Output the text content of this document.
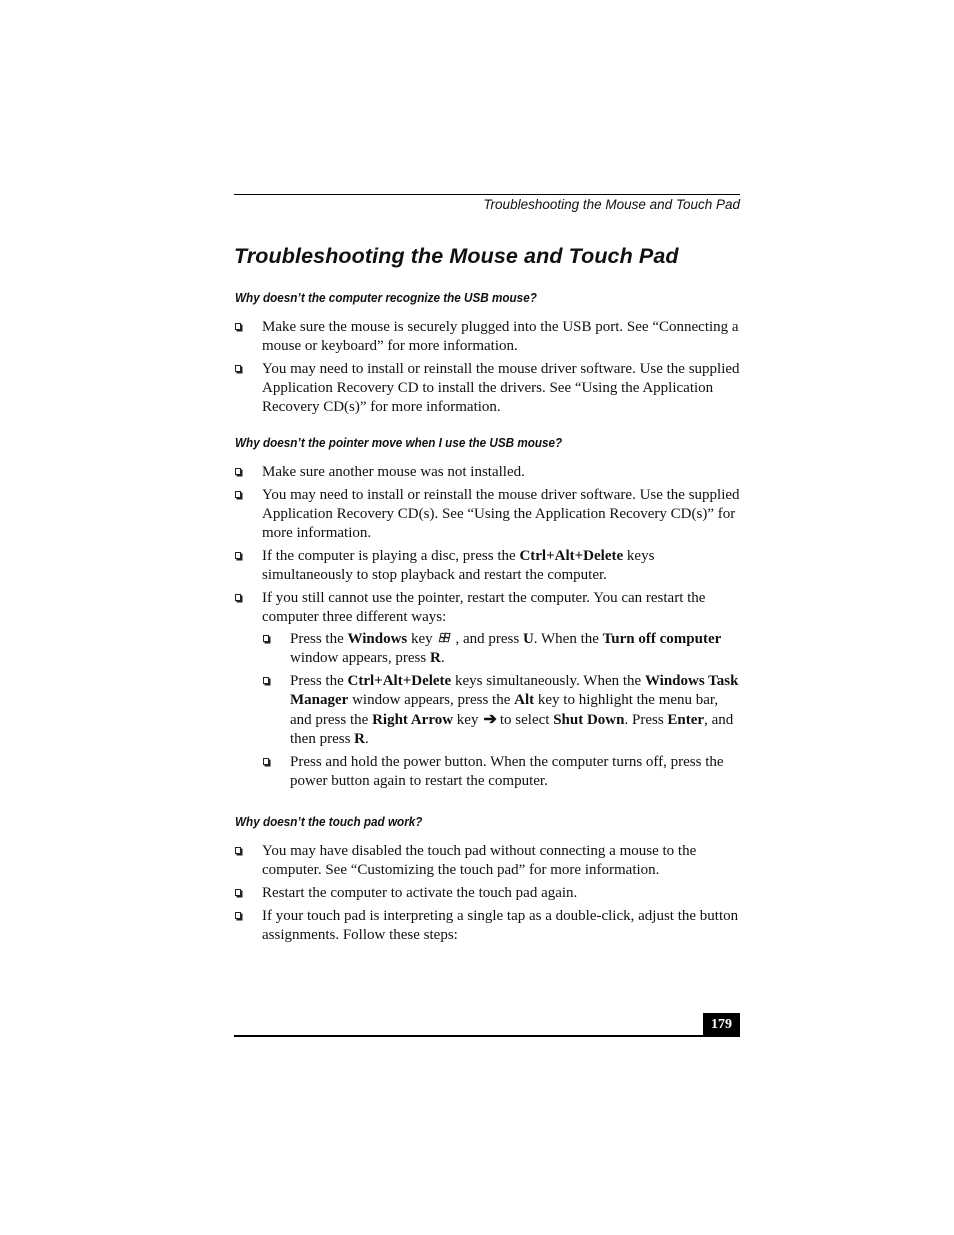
Troubleshooting the Mouse and Touch Pad
Troubleshooting the Mouse and Touch Pad
Why doesn’t the computer recognize the USB mouse?
Make sure the mouse is securely plugged into the USB port. See “Connecting a mouse or keyboard” for more information.
You may need to install or reinstall the mouse driver software. Use the supplied Application Recovery CD to install the drivers. See “Using the Application Recovery CD(s)” for more information.
Why doesn’t the pointer move when I use the USB mouse?
Make sure another mouse was not installed.
You may need to install or reinstall the mouse driver software. Use the supplied Application Recovery CD(s). See “Using the Application Recovery CD(s)” for more information.
If the computer is playing a disc, press the Ctrl+Alt+Delete keys simultaneously to stop playback and restart the computer.
If you still cannot use the pointer, restart the computer. You can restart the computer three different ways:
Press the Windows key , and press U. When the Turn off computer window appears, press R.
Press the Ctrl+Alt+Delete keys simultaneously. When the Windows Task Manager window appears, press the Alt key to highlight the menu bar, and press the Right Arrow key ➔ to select Shut Down. Press Enter, and then press R.
Press and hold the power button. When the computer turns off, press the power button again to restart the computer.
Why doesn’t the touch pad work?
You may have disabled the touch pad without connecting a mouse to the computer. See “Customizing the touch pad” for more information.
Restart the computer to activate the touch pad again.
If your touch pad is interpreting a single tap as a double-click, adjust the button assignments. Follow these steps:
179
